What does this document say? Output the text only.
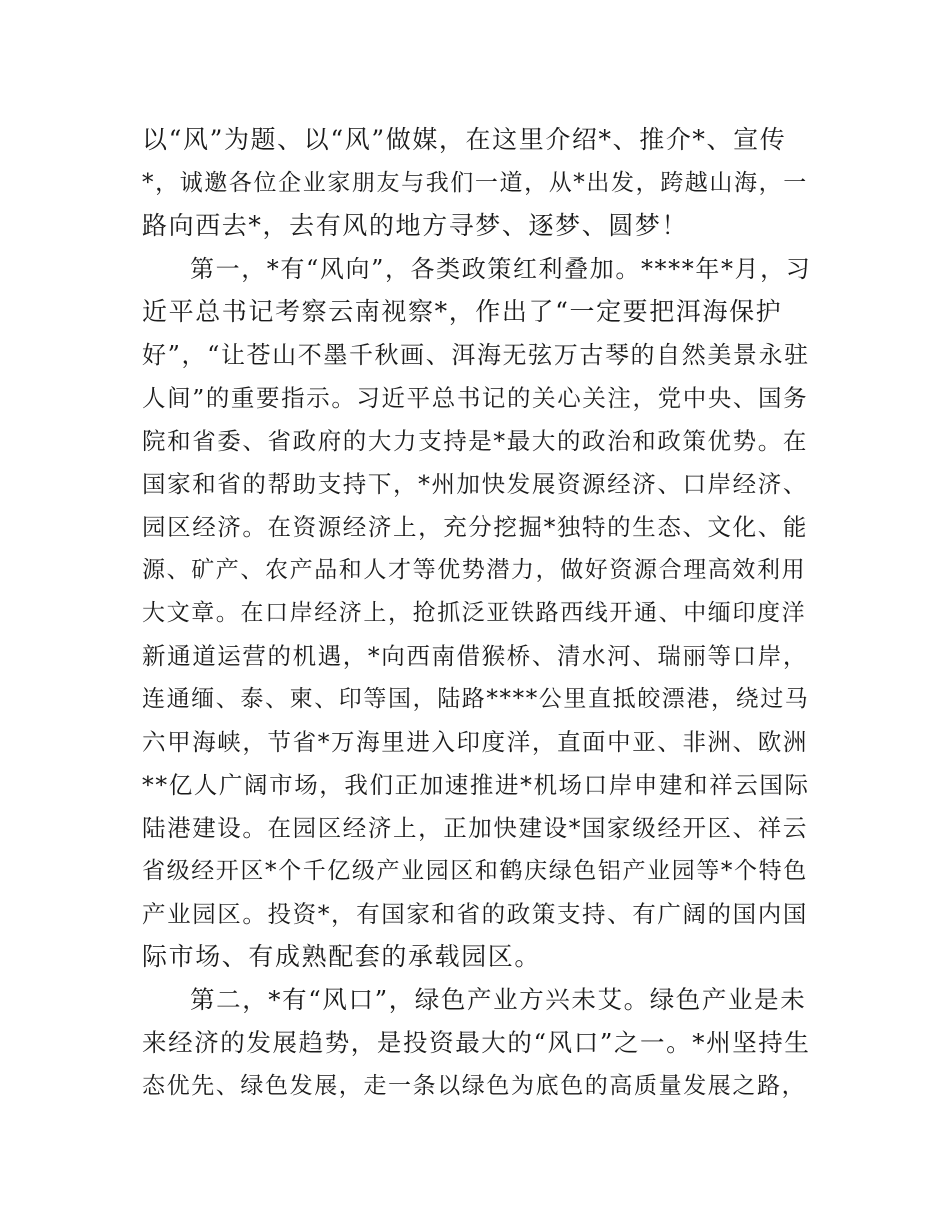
以“风”为题、以“风”做媒，在这里介绍*、推介*、宣传
*，诚邀各位企业家朋友与我们一道，从*出发，跨越山海，一
路向西去*，去有风的地方寻梦、逐梦、圆梦！
第一，*有“风向”，各类政策红利叠加。****年*月，习
近平总书记考察云南视察*，作出了“一定要把洱海保护
好”，“让苍山不墨千秋画、洱海无弦万古琴的自然美景永驻
人间”的重要指示。习近平总书记的关心关注，党中央、国务
院和省委、省政府的大力支持是*最大的政治和政策优势。在
国家和省的帮助支持下，*州加快发展资源经济、口岸经济、
园区经济。在资源经济上，充分挖掘*独特的生态、文化、能
源、矿产、农产品和人才等优势潜力，做好资源合理高效利用
大文章。在口岸经济上，抢抓泛亚铁路西线开通、中缅印度洋
新通道运营的机遇，*向西南借猴桥、清水河、瑞丽等口岸，
连通缅、泰、柬、印等国，陆路****公里直抵皎漂港，绕过马
六甲海峡，节省*万海里进入印度洋，直面中亚、非洲、欧洲
**亿人广阔市场，我们正加速推进*机场口岸申建和祥云国际
陆港建设。在园区经济上，正加快建设*国家级经开区、祥云
省级经开区*个千亿级产业园区和鹤庆绿色铝产业园等*个特色
产业园区。投资*，有国家和省的政策支持、有广阔的国内国
际市场、有成熟配套的承载园区。
第二，*有“风口”，绿色产业方兴未艾。绿色产业是未
来经济的发展趋势，是投资最大的“风口”之一。*州坚持生
态优先、绿色发展，走一条以绿色为底色的高质量发展之路，
